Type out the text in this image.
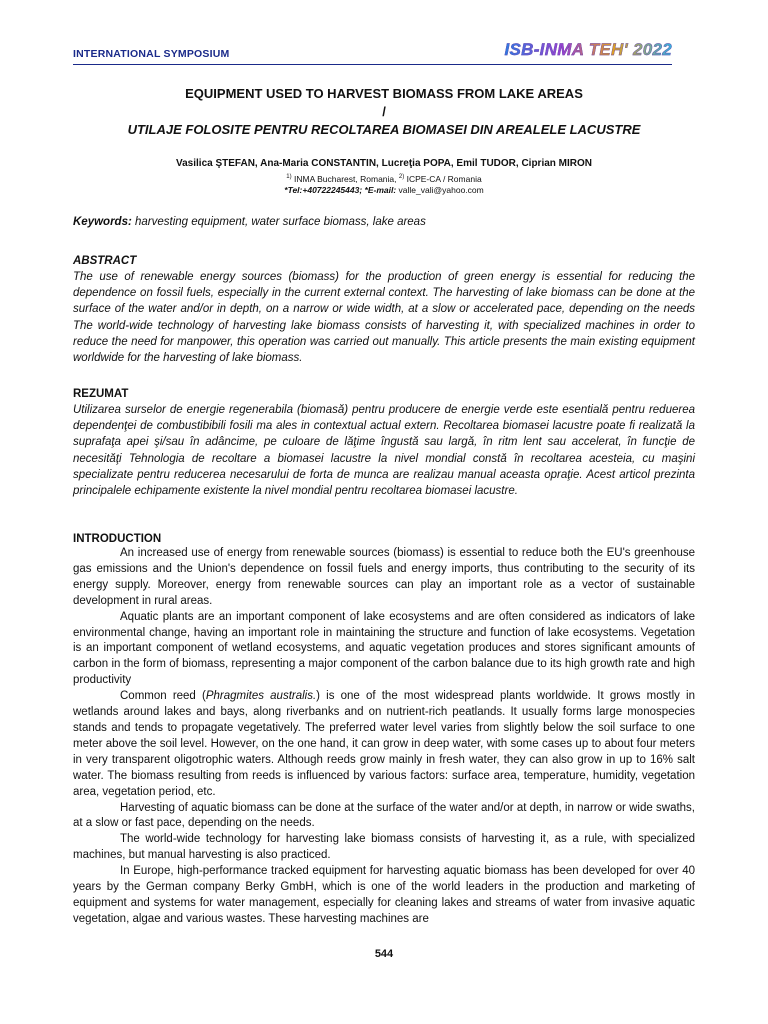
INTERNATIONAL SYMPOSIUM	ISB-INMA TEH' 2022
EQUIPMENT USED TO HARVEST BIOMASS FROM LAKE AREAS
/
UTILAJE FOLOSITE PENTRU RECOLTAREA BIOMASEI DIN AREALELE LACUSTRE
Vasilica ŞTEFAN, Ana-Maria CONSTANTIN, Lucreţia POPA, Emil TUDOR, Ciprian MIRON
$^{1)}$ INMA Bucharest, Romania, $^{2)}$ ICPE-CA / Romania
*Tel:+40722245443; *E-mail: valle_vali@yahoo.com
Keywords: harvesting equipment, water surface biomass, lake areas
ABSTRACT
The use of renewable energy sources (biomass) for the production of green energy is essential for reducing the dependence on fossil fuels, especially in the current external context. The harvesting of lake biomass can be done at the surface of the water and/or in depth, on a narrow or wide width, at a slow or accelerated pace, depending on the needs The world-wide technology of harvesting lake biomass consists of harvesting it, with specialized machines in order to reduce the need for manpower, this operation was carried out manually. This article presents the main existing equipment worldwide for the harvesting of lake biomass.
REZUMAT
Utilizarea surselor de energie regenerabila (biomasă) pentru producere de energie verde este esentială pentru reduerea dependenţei de combustibibili fosili ma ales in contextual actual extern. Recoltarea biomasei lacustre poate fi realizată la suprafaţa apei şi/sau în adâncime, pe culoare de lăţime îngustă sau largă, în ritm lent sau accelerat, în funcţie de necesităţi Tehnologia de recoltare a biomasei lacustre la nivel mondial constă în recoltarea acesteia, cu maşini specializate pentru reducerea necesarului de forta de munca are realizau manual aceasta opraţie. Acest articol prezinta principalele echipamente existente la nivel mondial pentru recoltarea biomasei lacustre.
INTRODUCTION

An increased use of energy from renewable sources (biomass) is essential to reduce both the EU's greenhouse gas emissions and the Union's dependence on fossil fuels and energy imports, thus contributing to the security of its energy supply. Moreover, energy from renewable sources can play an important role as a vector of sustainable development in rural areas.

Aquatic plants are an important component of lake ecosystems and are often considered as indicators of lake environmental change, having an important role in maintaining the structure and function of lake ecosystems. Vegetation is an important component of wetland ecosystems, and aquatic vegetation produces and stores significant amounts of carbon in the form of biomass, representing a major component of the carbon balance due to its high growth rate and high productivity

Common reed (Phragmites australis.) is one of the most widespread plants worldwide. It grows mostly in wetlands around lakes and bays, along riverbanks and on nutrient-rich peatlands. It usually forms large monospecies stands and tends to propagate vegetatively. The preferred water level varies from slightly below the soil surface to one meter above the soil level. However, on the one hand, it can grow in deep water, with some cases up to about four meters in very transparent oligotrophic waters. Although reeds grow mainly in fresh water, they can also grow in up to 16% salt water. The biomass resulting from reeds is influenced by various factors: surface area, temperature, humidity, vegetation area, vegetation period, etc.

Harvesting of aquatic biomass can be done at the surface of the water and/or at depth, in narrow or wide swaths, at a slow or fast pace, depending on the needs.

The world-wide technology for harvesting lake biomass consists of harvesting it, as a rule, with specialized machines, but manual harvesting is also practiced.

In Europe, high-performance tracked equipment for harvesting aquatic biomass has been developed for over 40 years by the German company Berky GmbH, which is one of the world leaders in the production and marketing of equipment and systems for water management, especially for cleaning lakes and streams of water from invasive aquatic vegetation, algae and various wastes. These harvesting machines are

544
